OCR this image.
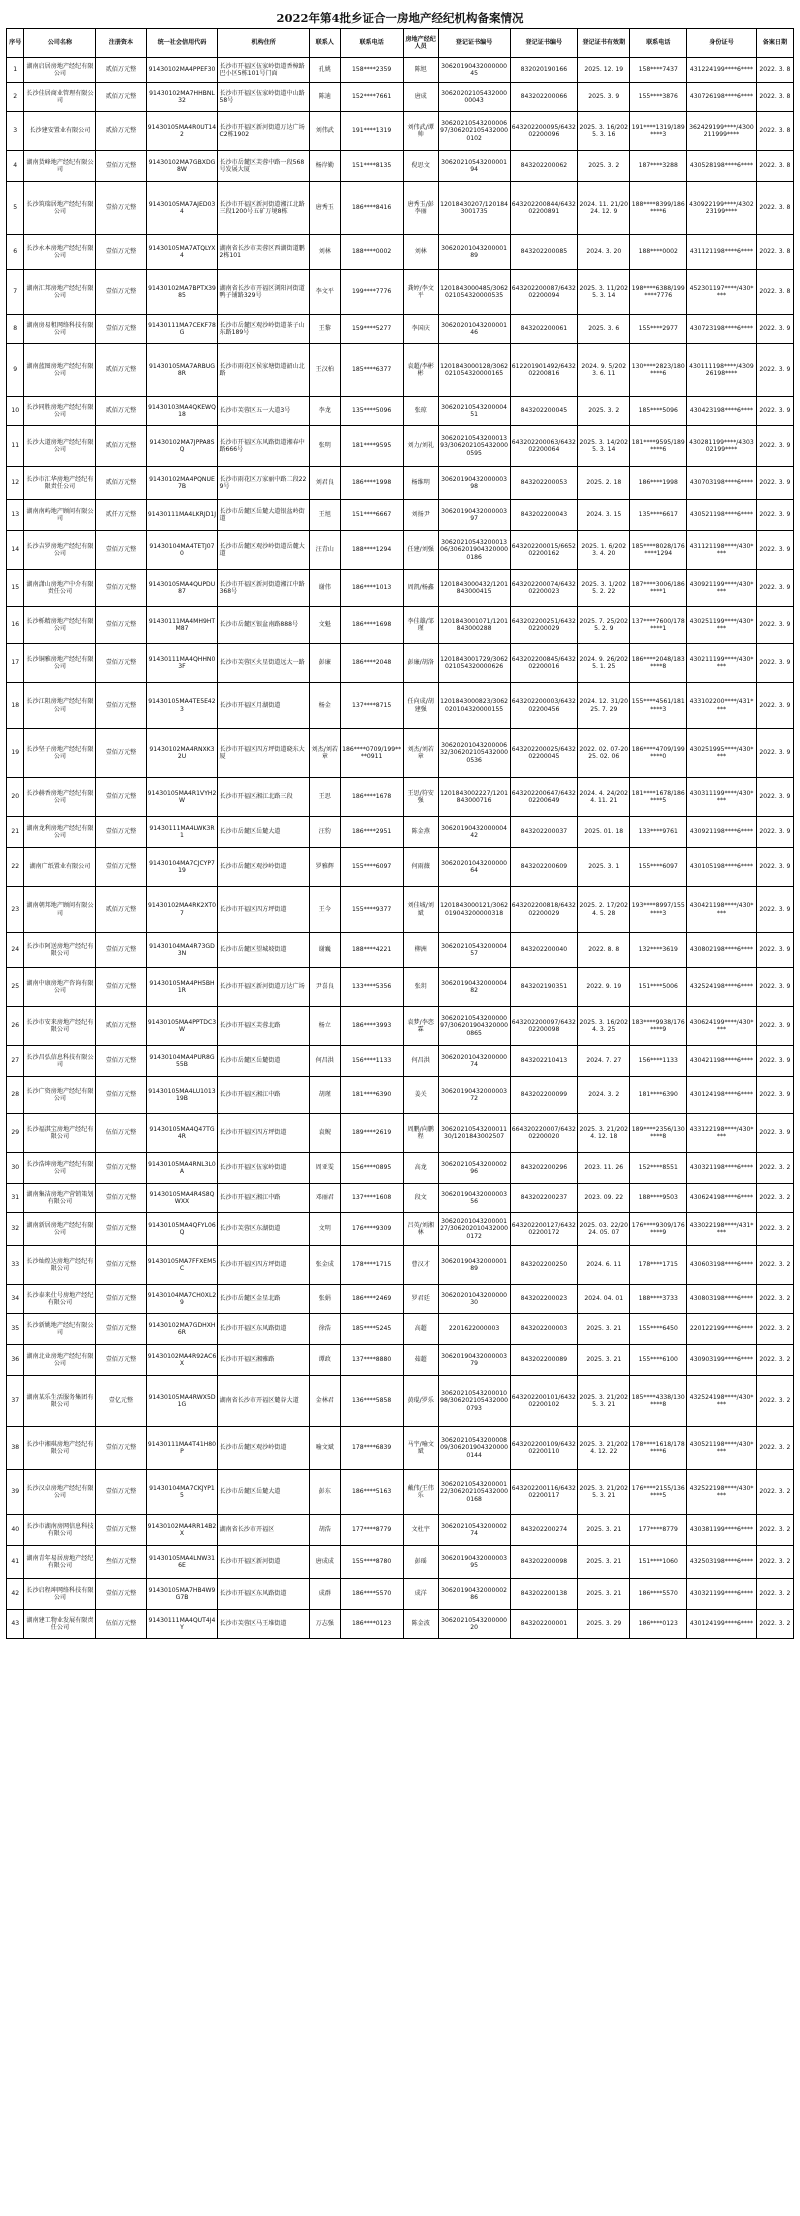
2022年第4批乡证合一房地产经纪机构备案情况
序号	公司名称	注册资本	统一社会信用代码	机构住所	联系人	联系电话	房地产经纪人员	登记证书编号	登记证书编号	登记证书有效期	联系电话	身份证号	备案日期
1	湖南启居房地产经纪有限公司	贰佰万元整	91430102MA4PPEF30	长沙市开福区伍家岭街道香樟路巴小区5栋101号门面	孔姚	158****2359	陈旭	3062019043200000045	832020190166	2025. 12. 19	158****7437	431224199****6****	2022. 3. 8
2	长沙佳居商业管理有限公司	贰佰万元整	91430102MA7HHBNL32	长沙市开福区伍家岭街道中山路58号	陈迪	152****7661	唐成	3062020210543200000043	843202200066	2025. 3. 9	155****3876	430726198****6****	2022. 3. 8
3	长沙建安置业有限公司	贰拾万元整	91430105MA4R0UT142	长沙市开福区新河街道万达广场C2栋1902	刘伟武	191****1319	刘伟武/谭帅	3062021054320000697/3062021054320000102	643202200095/643202200096	2025. 3. 16/2025. 3. 16	191****1319/189****3	362429199****/4300211999****	2022. 3. 8
4	湖南货峰地产经纪有限公司	壹佰万元整	91430102MA7GBXDG8W	长沙市岳麓区芙蓉中路一段568号发展大厦	杨岸勤	151****8135	倪思文	3062021054320000194	843202200062	2025. 3. 2	187****3288	430528198****6****	2022. 3. 8
5	长沙筑瑞居地产经纪有限公司	壹拾万元整	91430105MA7AJED034	长沙市开福区新河街道湘江北路三段1200号五矿万境8栋	唐秀玉	186****8416	唐秀玉/彭李丽	12018430207/1201843001735	643202200844/643202200891	2024. 11. 21/2024. 12. 9	188****8399/186****6	430922199****/430223199****	2022. 3. 8
6	长沙永本房地产经纪有限公司	壹佰万元整	91430105MA7ATQLYX4	湖南省长沙市芙蓉区西湖街道鹏2栋101	刘林	188****0002	刘林	3062020104320000189	843202200085	2024. 3. 20	188****0002	431121198****6****	2022. 3. 8
7	湖南汇邦房地产经纪有限公司	壹佰万元整	91430102MA7BPTX3985	湖南省长沙市开福区浏阳河街道鸭子铺路329号	李文平	199****7776	龚婷/李文平	1201843000485/3062021054320000535	643202200087/643202200094	2025. 3. 11/2025. 3. 14	198****6388/199****7776	452301197****/430****	2022. 3. 8
8	湖南房易租网络科技有限公司	壹佰万元整	91430111MA7CEKF78G	长沙市岳麓区观沙岭街道茶子山东路189号	王黎	159****5277	李国庆	3062020104320000146	843202200061	2025. 3. 6	155****2977	430723198****6****	2022. 3. 9
9	湖南蓝图房地产经纪有限公司	贰佰万元整	91430105MA7ARBUG8R	长沙市雨花区侯家塘街道韶山北路	王汉柏	185****6377	袁超/李彬彬	1201843000128/3062021054320000165	612201901492/643202200816	2024. 9. 5/2023. 6. 11	130****2823/180****6	430111198****/430926198****	2022. 3. 9
10	长沙同胜房地产经纪有限公司	贰佰万元整	91430103MA4QKEWQ18	长沙市芙蓉区五一大道3号	李龙	135****5096	张琼	3062021054320000451	843202200045	2025. 3. 2	185****5096	430423198****6****	2022. 3. 9
11	长沙大道房地产经纪有限公司	贰佰万元整	91430102MA7JPPA8SQ	长沙市开福区东风路街道湘春中路666号	张明	181****9595	刘力/刘礼	3062021054320001393/3062021054320000595	643202200063/643202200064	2025. 3. 14/2025. 3. 14	181****9595/189****6	430281199****/430302199****	2022. 3. 9
12	长沙市汇华房地产经纪有限责任公司	贰佰万元整	91430102MA4PQNUE7B	长沙市雨花区万家丽中路二段229号	刘君良	186****1998	杨维明	3062019043200000398	843202200053	2025. 2. 18	186****1998	430703198****6****	2022. 3. 9
13	湖南南屿地产顾问有限公司	贰仟万元整	91430111MA4LKRJD1J	长沙市岳麓区岳麓大道银盆岭街道	王旭	151****6667	刘扬尹	3062019043200000397	843202200043	2024. 3. 15	135****6617	430521198****6****	2022. 3. 9
14	长沙吉罗房地产经纪有限公司	壹佰万元整	91430104MA4TETJ070	长沙市岳麓区观沙岭街道岳麓大道	汪青山	188****1294	任建/刘强	3062021054320001306/3062019043200000186	643202200015/665202200162	2025. 1. 6/2023. 4. 20	185****8028/176****1294	431121198****/430****	2022. 3. 9
15	湖南潇山房地产中介有限责任公司	壹佰万元整	91430105MA4QUPDU87	长沙市开福区新河街道湘江中路368号	谢伟	186****1013	周凯/杨鑫	1201843000432/1201843000415	643202200074/643202200023	2025. 3. 1/2025. 2. 22	187****3006/186****1	430921199****/430****	2022. 3. 9
16	长沙栎精房地产经纪有限公司	壹佰万元整	91430111MA4MH9HTM87	长沙市岳麓区银盆南路888号	文魁	186****1698	李佳雄/邹瑾	1201843001071/1201843000288	643202200251/643202200029	2025. 7. 25/2025. 2. 9	137****7600/178****1	430251199****/430****	2022. 3. 9
17	长沙铜雅房地产经纪有限公司	壹佰万元整	91430111MA4QHHN03F	长沙市芙蓉区火星街道远大一路	彭廉	186****2048	彭廉/胡洛	1201843001729/3062021054320000626	643202200845/643202200016	2024. 9. 26/2025. 1. 25	186****2048/183****8	430211199****/430****	2022. 3. 9
18	长沙江阻房地产经纪有限公司	壹佰万元整	91430105MA4TE5E423	长沙市开福区月湖街道	杨金	137****8715	任向成/胡建强	1201843000823/3062020104320000155	643202200003/643202200456	2024. 12. 31/2025. 7. 29	155****4561/181****3	433102200****/431****	2022. 3. 9
19	长沙坚子房地产经纪有限公司	壹佰万元整	91430102MA4RNXK32U	长沙市开福区四方坪街道晓东大厦	刘杰/刘若章	186****0709/199****0911	刘杰/刘若章	3062020104320000632/3062021054320000536	643202200025/643202200045	2022. 02. 07-2025. 02. 06	186****4709/199****0	430251995****/430****	2022. 3. 9
20	长沙赫香房地产经纪有限公司	壹佰万元整	91430105MA4R1VYH2W	长沙市开福区湘江北路三段	王思	186****1678	王思/符安强	1201843002227/1201843000716	643202200647/643202200649	2024. 4. 24/2024. 11. 21	181****1678/186****5	430311199****/430****	2022. 3. 9
21	湖南龙利房地产经纪有限公司	壹佰万元整	91430111MA4LWK3R1	长沙市岳麓区岳麓大道	汪豹	186****2951	陈金燕	3062019043200000442	843202200037	2025. 01. 18	133****9761	430921198****6****	2022. 3. 9
22	湖南广纸置业有限公司	壹佰万元整	91430104MA7CJCYP719	长沙市岳麓区观沙岭街道	罗雅辉	155****6097	何雨薇	3062020104320000064	843202200609	2025. 3. 1	155****6097	430105198****6****	2022. 3. 9
23	湖南朝邦地产顾问有限公司	贰佰万元整	91430102MA4RK2XT07	长沙市开福区四方坪街道	王今	155****9377	刘佳城/刘斌	1201843000121/3062019043200000318	643202200818/643202200029	2025. 2. 17/2024. 5. 28	193****8997/155****3	430421198****/430****	2022. 3. 9
24	长沙市阿送房地产经纪有限公司	壹佰万元整	91430104MA4R73GD3N	长沙市岳麓区望城坡街道	谢巍	188****4221	柳洲	3062021054320000457	843202200040	2022. 8. 8	132****3619	430802198****6****	2022. 3. 9
25	湖南中康房地产咨询有限公司	壹佰万元整	91430105MA4PH5BH1R	长沙市开福区新河街道万达广场	尹喜良	133****5356	张玥	3062019043200000482	843202190351	2022. 9. 19	151****5006	432524198****6****	2022. 3. 9
26	长沙市安来房地产经纪有限公司	贰佰万元整	91430105MA4PPTDC3W	长沙市开福区芙蓉北路	杨立	186****3993	袁梦/李恋霖	3062021054320000097/3062019043200000865	643202200097/643202200098	2025. 3. 16/2024. 3. 25	183****9938/176****9	430624199****/430****	2022. 3. 9
27	长沙昌弘信息科技有限公司	壹佰万元整	91430104MA4PUR8G55B	长沙市岳麓区岳麓街道	何昌洪	156****1133	何昌洪	3062020104320000074	843202210413	2024. 7. 27	156****1133	430421198****6****	2022. 3. 9
28	长沙广资房地产经纪有限公司	壹佰万元整	91430105MA4LU101319B	长沙市开福区湘江中路	胡瑾	181****6390	姜关	3062019043200000372	843202200099	2024. 3. 2	181****6390	430124198****6****	2022. 3. 9
29	长沙福淇宝房地产经纪有限公司	伍佰万元整	91430105MA4Q47TG4R	长沙市开福区四方坪街道	袁鲵	189****2619	周鹏/向鹏程	3062021054320001130/1201843002507	664320220007/643202200020	2025. 3. 21/2024. 12. 18	189****2356/130****8	433122198****/430****	2022. 3. 9
30	长沙浩坤房地产经纪有限公司	壹佰万元整	91430105MA4RNL3L0A	长沙市开福区伍家岭街道	周亚雯	156****0895	高龙	3062021054320000296	843202200296	2023. 11. 26	152****8551	430321198****6****	2022. 3. 2
31	湖南集洁房地产营销策划有限公司	壹佰万元整	91430105MA4R4S8QWXX	长沙市开福区湘江中路	邓丽君	137****1608	段文	3062019043200000356	843202200237	2023. 09. 22	188****9503	430624198****6****	2022. 3. 2
32	湖南新居房地产经纪有限公司	壹佰万元整	91430105MA4QFYL06Q	长沙市芙蓉区东湖街道	文明	176****9309	吕英/刘湘林	3062020104320000127/3062020104320000172	643202200127/643202200172	2025. 03. 22/2024. 05. 07	176****9309/176****9	433022198****/431****	2022. 3. 2
33	长沙灿煌达房地产经纪有限公司	壹佰万元整	91430105MA7FFXEM5C	长沙市开福区四方坪街道	张金成	178****1715	曹汉才	3062019043200000189	843202200250	2024. 6. 11	178****1715	430603198****6****	2022. 3. 2
34	长沙泰来仕号房地产经纪有限公司	壹佰万元整	91430104MA7CH0XL29	长沙市岳麓区金星北路	张娟	186****2469	罗君廷	3062020104320000030	843202200023	2024. 04. 01	188****3733	430803198****6****	2022. 3. 2
35	长沙新姚地产经纪有限公司	壹佰万元整	91430102MA7GDHXH6R	长沙市开福区东风路街道	徐浩	185****5245	高超	2201622000003	843202200003	2025. 3. 21	155****6450	220122199****6****	2022. 3. 2
36	湖南北业房地产经纪有限公司	壹佰万元整	91430102MA4R92AC6X	长沙市开福区湘雅路	谭政	137****8880	茹超	3062019043200000379	843202200089	2025. 3. 21	155****6100	430903199****6****	2022. 3. 2
37	湖南某乐生活服务集团有限公司	壹亿元整	91430105MA4RWX5D1G	湖南省长沙市开福区麓谷大道	金林君	136****5858	黄琨/罗乐	3062021054320001098/3062021054320000793	643202200101/643202200102	2025. 3. 21/2025. 3. 21	185****4338/130****8	432524198****/430****	2022. 3. 2
38	长沙中湘琪房地产经纪有限公司	壹佰万元整	91430111MA4T41H80P	长沙市岳麓区观沙岭街道	喻文斌	178****6839	马宇/喻文斌	3062021054320000809/3062019043200000144	643202200109/643202200110	2025. 3. 21/2024. 12. 22	178****1618/178****6	430521198****/430****	2022. 3. 2
39	长沙汉卓房地产经纪有限公司	壹佰万元整	91430104MA7CKJYP15	长沙市岳麓区岳麓大道	彭东	186****5163	戴伟/王伟乐	3062021054320000122/3062021054320000168	643202200116/643202200117	2025. 3. 21/2025. 3. 21	176****2155/136****5	432522198****/430****	2022. 3. 2
40	长沙市湖南房网信息科技有限公司	壹佰万元整	91430102MA4RR14B2X	湖南省长沙市开福区	胡浩	177****8779	文杜宇	3062021054320000274	843202200274	2025. 3. 21	177****8779	430381199****6****	2022. 3. 2
41	湖南青年易居房地产经纪有限公司	叁佰万元整	91430105MA4LNW316E	长沙市开福区新河街道	唐成成	155****8780	彭瑶	3062019043200000395	843202200098	2025. 3. 21	151****1060	432503198****6****	2022. 3. 2
42	长沙启程坤网络科技有限公司	壹佰万元整	91430105MA7HB4W9G7B	长沙市开福区东风路街道	成群	186****5570	成洋	3062019043200000286	843202200138	2025. 3. 21	186****5570	430321199****6****	2022. 3. 2
43	湖南建工物业发展有限责任公司	伍佰万元整	91430111MA4QUT4J4Y	长沙市芙蓉区马王堆街道	万志强	186****0123	陈金波	3062021054320000020	843202200001	2025. 3. 29	186****0123	430124199****6****	2022. 3. 2
